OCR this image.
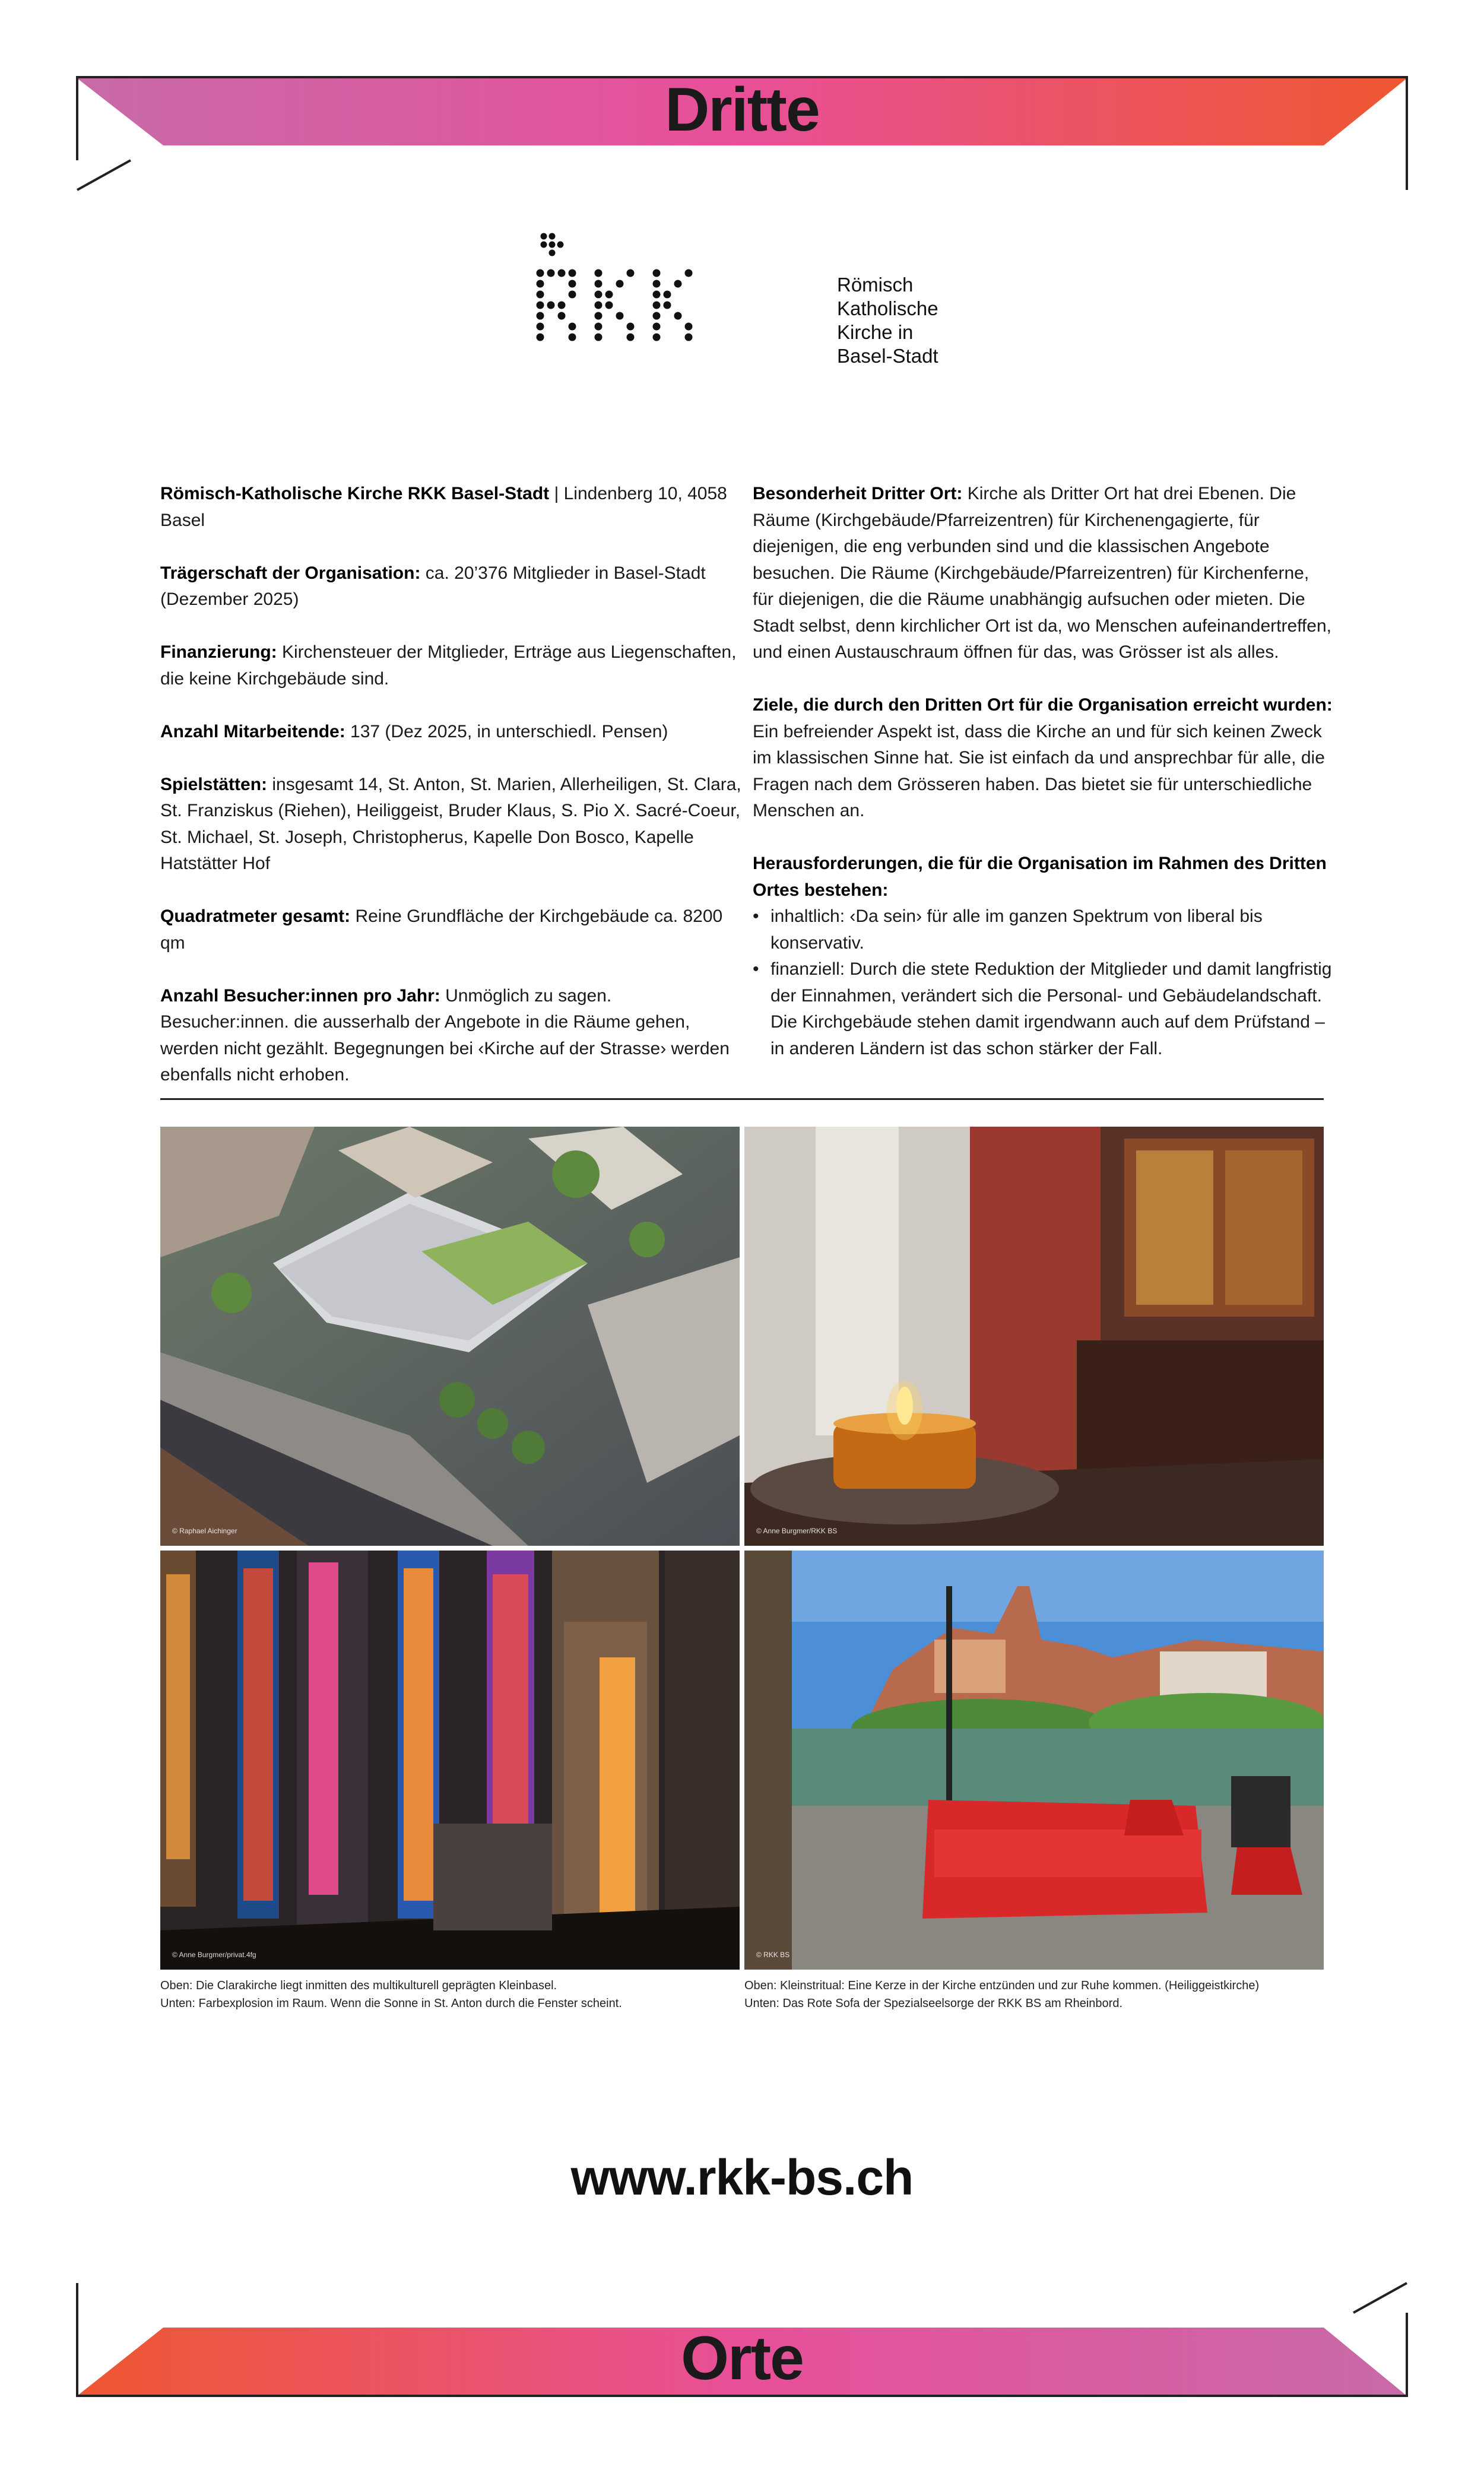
Dritte
Römisch
Katholische
Kirche in
Basel-Stadt

Römisch-Katholische Kirche RKK Basel-Stadt | Lindenberg 10, 4058 Basel

Trägerschaft der Organisation: ca. 20’376 Mitglieder in Basel-Stadt (Dezember 2025)

Finanzierung: Kirchensteuer der Mitglieder, Erträge aus Liegenschaften, die keine Kirchgebäude sind.

Anzahl Mitarbeitende: 137 (Dez 2025, in unterschiedl. Pensen)

Spielstätten: insgesamt 14, St. Anton, St. Marien, Allerheiligen, St. Clara, St. Franziskus (Riehen), Heiliggeist, Bruder Klaus, S. Pio X. Sacré-Coeur, St. Michael, St. Joseph, Christopherus, Kapelle Don Bosco, Kapelle Hatstätter Hof

Quadratmeter gesamt: Reine Grundfläche der Kirchgebäude ca. 8200 qm

Anzahl Besucher:innen pro Jahr: Unmöglich zu sagen. Besucher:innen. die ausserhalb der Angebote in die Räume gehen, werden nicht gezählt. Begegnungen bei ‹Kirche auf der Strasse› werden ebenfalls nicht erhoben.

Besonderheit Dritter Ort: Kirche als Dritter Ort hat drei Ebenen. Die Räume (Kirchgebäude/Pfarreizentren) für Kirchenengagierte, für diejenigen, die eng verbunden sind und die klassischen Angebote besuchen. Die Räume (Kirchgebäude/Pfarreizentren) für Kirchenferne, für diejenigen, die die Räume unabhängig aufsuchen oder mieten. Die Stadt selbst, denn kirchlicher Ort ist da, wo Menschen aufeinandertreffen, und einen Austauschraum öffnen für das, was Grösser ist als alles.

Ziele, die durch den Dritten Ort für die Organisation erreicht wurden: Ein befreiender Aspekt ist, dass die Kirche an und für sich keinen Zweck im klassischen Sinne hat. Sie ist einfach da und ansprechbar für alle, die Fragen nach dem Grösseren haben. Das bietet sie für unterschiedliche Menschen an.

Herausforderungen, die für die Organisation im Rahmen des Dritten Ortes bestehen:

• inhaltlich: ‹Da sein› für alle im ganzen Spektrum von liberal bis konservativ.
• finanziell: Durch die stete Reduktion der Mitglieder und damit langfristig der Einnahmen, verändert sich die Personal- und Gebäudelandschaft. Die Kirchgebäude stehen damit irgendwann auch auf dem Prüfstand – in anderen Ländern ist das schon stärker der Fall.
© Raphael Aichinger	© Anne Burgmer/RKK BS
© Anne Burgmer/privat.4fg	© RKK BS
Oben: Die Clarakirche liegt inmitten des multikulturell geprägten Kleinbasel.
Unten: Farbexplosion im Raum. Wenn die Sonne in St. Anton durch die Fenster scheint.
Oben: Kleinstritual: Eine Kerze in der Kirche entzünden und zur Ruhe kommen. (Heiliggeistkirche)
Unten: Das Rote Sofa der Spezialseelsorge der RKK BS am Rheinbord.
www.rkk-bs.ch
Orte
